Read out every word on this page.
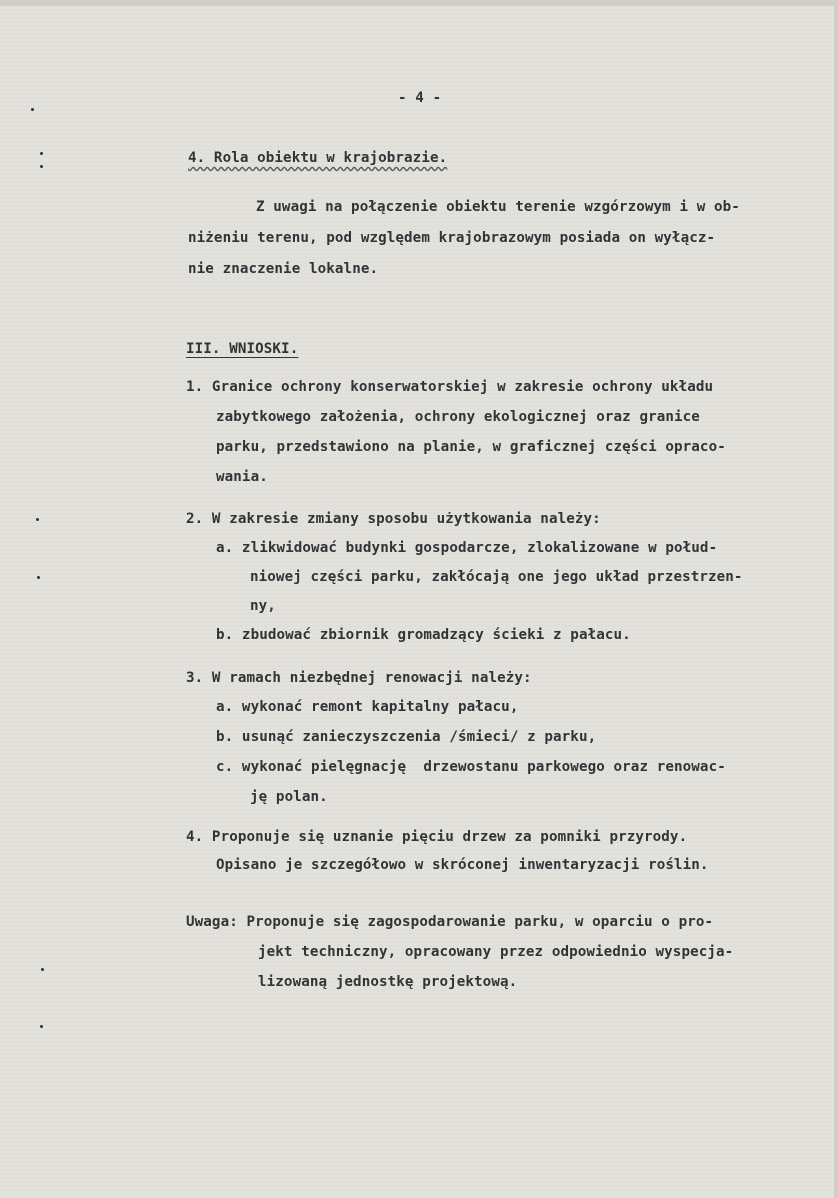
- 4 -
4. Rola obiektu w krajobrazie.
Z uwagi na połączenie obiektu terenie wzgórzowym i w ob-
niżeniu terenu, pod względem krajobrazowym posiada on wyłącz-
nie znaczenie lokalne.
III. WNIOSKI.
1. Granice ochrony konserwatorskiej w zakresie ochrony układu
zabytkowego założenia, ochrony ekologicznej oraz granice
parku, przedstawiono na planie, w graficznej części opraco-
wania.
2. W zakresie zmiany sposobu użytkowania należy:
a. zlikwidować budynki gospodarcze, zlokalizowane w połud-
niowej części parku, zakłócają one jego układ przestrzen-
ny,
b. zbudować zbiornik gromadzący ścieki z pałacu.
3. W ramach niezbędnej renowacji należy:
a. wykonać remont kapitalny pałacu,
b. usunąć zanieczyszczenia /śmieci/ z parku,
c. wykonać pielęgnację  drzewostanu parkowego oraz renowac-
ję polan.
4. Proponuje się uznanie pięciu drzew za pomniki przyrody.
Opisano je szczegółowo w skróconej inwentaryzacji roślin.
Uwaga: Proponuje się zagospodarowanie parku, w oparciu o pro-
jekt techniczny, opracowany przez odpowiednio wyspecja-
lizowaną jednostkę projektową.
